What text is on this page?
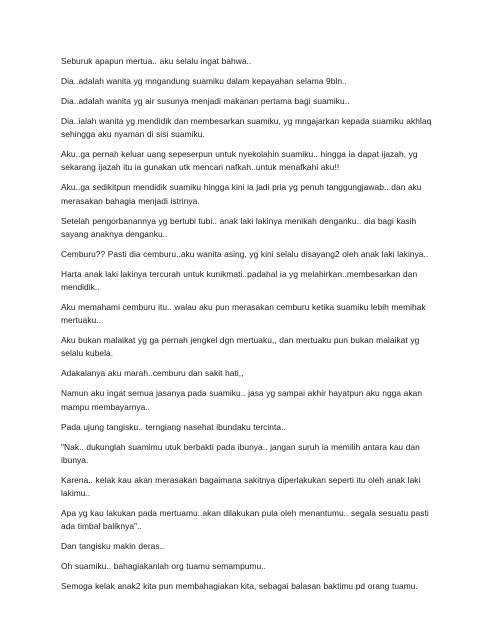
Seburuk apapun mertua.. aku selalu ingat bahwa..

Dia..adalah wanita yg mngandung suamiku dalam kepayahan selama 9bln..

Dia..adalah wanita yg air susunya menjadi makanan pertama bagi suamiku..

Dia..ialah wanita yg mendidik dan membesarkan suamiku, yg mngajarkan kepada suamiku akhlaq sehingga aku nyaman di sisi suamiku.

Aku..ga pernah keluar uang sepeserpun untuk nyekolahin suamiku.. hingga ia dapat ijazah, yg sekarang ijazah itu ia gunakan utk mencari nafkah..untuk menafkahi aku!!

Aku..ga sedikitpun mendidik suamiku hingga kini ia jadi pria yg penuh tanggungjawab.. dan aku merasakan bahagia menjadi istrinya.

Setelah pengorbanannya yg bertubi tubi.. anak laki lakinya menikah denganku.. dia bagi kasih sayang anaknya denganku..

Cemburu?? Pasti dia cemburu..aku wanita asing, yg kini selalu disayang2 oleh anak laki lakinya..

Harta anak laki lakinya tercurah untuk kunikmati..padahal ia yg melahirkan..membesarkan dan mendidik..

Aku memahami cemburu itu.. walau aku pun merasakan cemburu ketika suamiku lebih memihak mertuaku..

Aku bukan malaikat yg ga pernah jengkel dgn mertuaku,, dan mertuaku pun bukan malaikat yg selalu kubela.

Adakalanya aku marah..cemburu dan sakit hati,,

Namun aku ingat semua jasanya pada suamiku.. jasa yg sampai akhir hayatpun aku ngga akan mampu membayarnya..

Pada ujung tangisku.. terngiang nasehat ibundaku tercinta..

"Nak.. dukunglah suamimu utuk berbakti pada ibunya.. jangan suruh ia memilih antara kau dan ibunya.

Karena.. kelak kau akan merasakan bagaimana sakitnya diperlakukan seperti itu oleh anak laki lakimu..

Apa yg kau lakukan pada mertuamu..akan dilakukan pula oleh menantumu.. segala sesuatu pasti ada timbal baliknya"..

Dan tangisku makin deras..

Oh suamiku.. bahagiakanlah org tuamu semampumu..

Semoga kelak anak2 kita pun membahagiakan kita, sebagai balasan baktimu pd orang tuamu.
